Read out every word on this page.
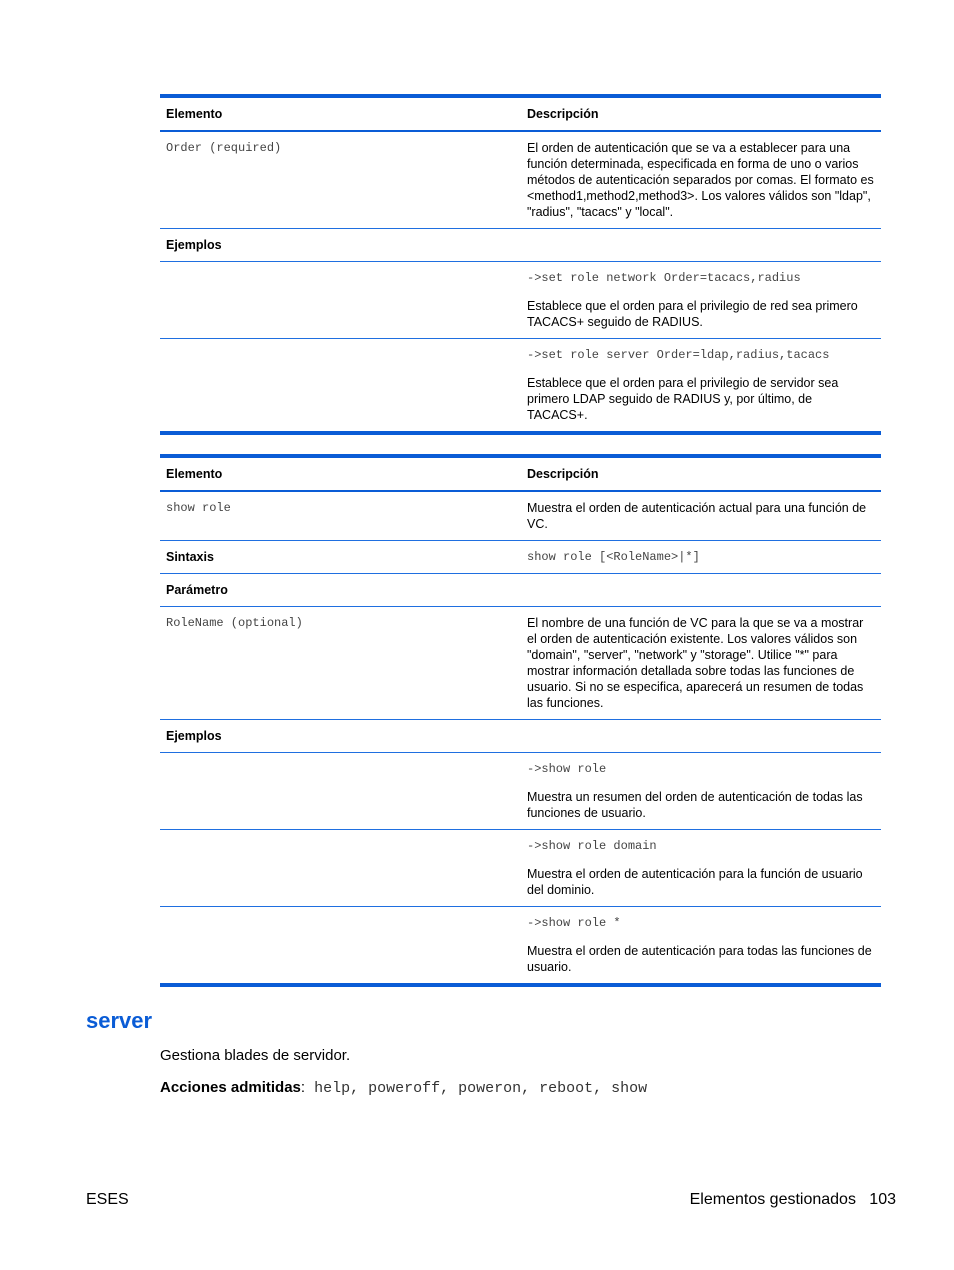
Elemento	Descripción
Order (required)	El orden de autenticación que se va a establecer para una función determinada, especificada en forma de uno o varios métodos de autenticación separados por comas. El formato es <method1,method2,method3>. Los valores válidos son "ldap", "radius", "tacacs" y "local".
Ejemplos
->set role network Order=tacacs,radius
Establece que el orden para el privilegio de red sea primero TACACS+ seguido de RADIUS.
->set role server Order=ldap,radius,tacacs
Establece que el orden para el privilegio de servidor sea primero LDAP seguido de RADIUS y, por último, de TACACS+.
Elemento	Descripción
show role	Muestra el orden de autenticación actual para una función de VC.
Sintaxis	show role [<RoleName>|*]
Parámetro
RoleName (optional)	El nombre de una función de VC para la que se va a mostrar el orden de autenticación existente. Los valores válidos son "domain", "server", "network" y "storage". Utilice "*" para mostrar información detallada sobre todas las funciones de usuario. Si no se especifica, aparecerá un resumen de todas las funciones.
Ejemplos
->show role
Muestra un resumen del orden de autenticación de todas las funciones de usuario.
->show role domain
Muestra el orden de autenticación para la función de usuario del dominio.
->show role *
Muestra el orden de autenticación para todas las funciones de usuario.
server
Gestiona blades de servidor.
Acciones admitidas: help, poweroff, poweron, reboot, show
ESES	Elementos gestionados 103
